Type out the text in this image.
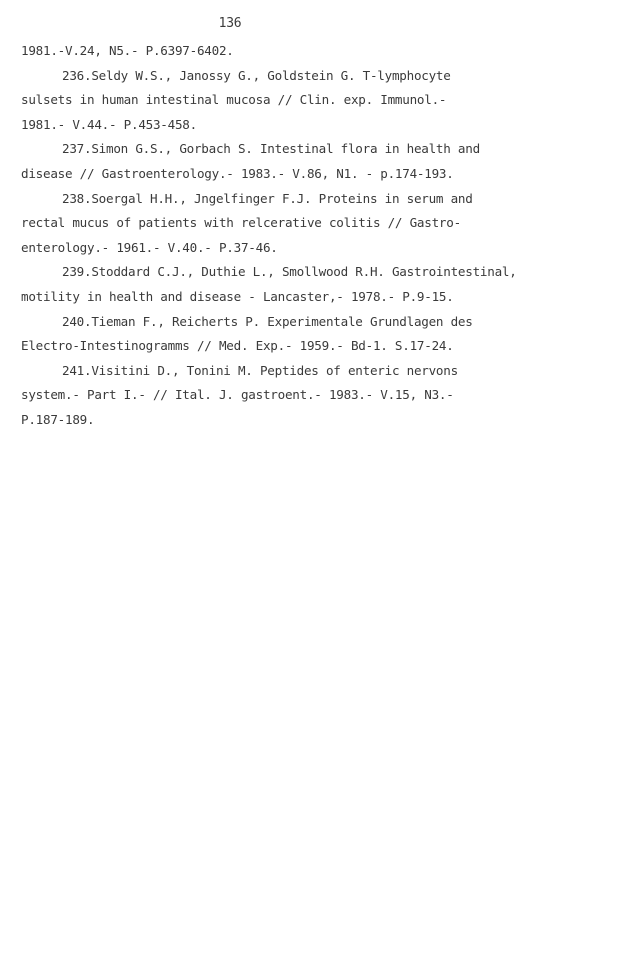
136
1981.-V.24, N5.- P.6397-6402.
236.Seldy W.S., Janossy G., Goldstein G. T-lymphocyte
sulsets in human intestinal mucosa // Clin. exp. Immunol.-
1981.- V.44.- P.453-458.
237.Simon G.S., Gorbach S. Intestinal flora in health and
disease // Gastroenterology.- 1983.- V.86, N1. - p.174-193.
238.Soergal H.H., Jngelfinger F.J. Proteins in serum and
rectal mucus of patients with relcerative colitis // Gastro-
enterology.- 1961.- V.40.- P.37-46.
239.Stoddard C.J., Duthie L., Smollwood R.H. Gastrointestinal,
motility in health and disease - Lancaster,- 1978.- P.9-15.
240.Tieman F., Reicherts P. Experimentale Grundlagen des
Electro-Intestinogramms // Med. Exp.- 1959.- Bd-1. S.17-24.
241.Visitini D., Tonini M. Peptides of enteric nervons
system.- Part I.- // Ital. J. gastroent.- 1983.- V.15, N3.-
P.187-189.
